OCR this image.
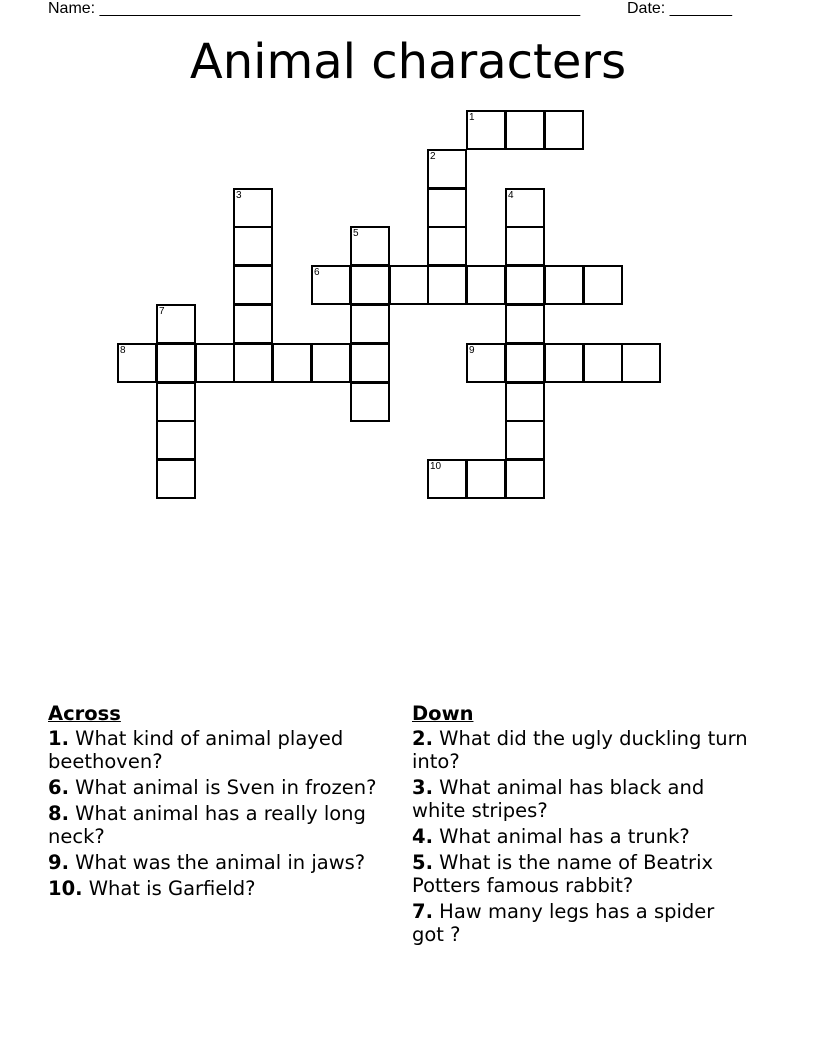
Name: ______________________________________________________	Date: _______
Animal characters
1
2
3	4
5
6
7
8	9
10
Across
1. What kind of animal played beethoven?
6. What animal is Sven in frozen?
8. What animal has a really long neck?
9. What was the animal in jaws?
10. What is Garfield?
Down
2. What did the ugly duckling turn into?
3. What animal has black and white stripes?
4. What animal has a trunk?
5. What is the name of Beatrix Potters famous rabbit?
7. Haw many legs has a spider got ?
